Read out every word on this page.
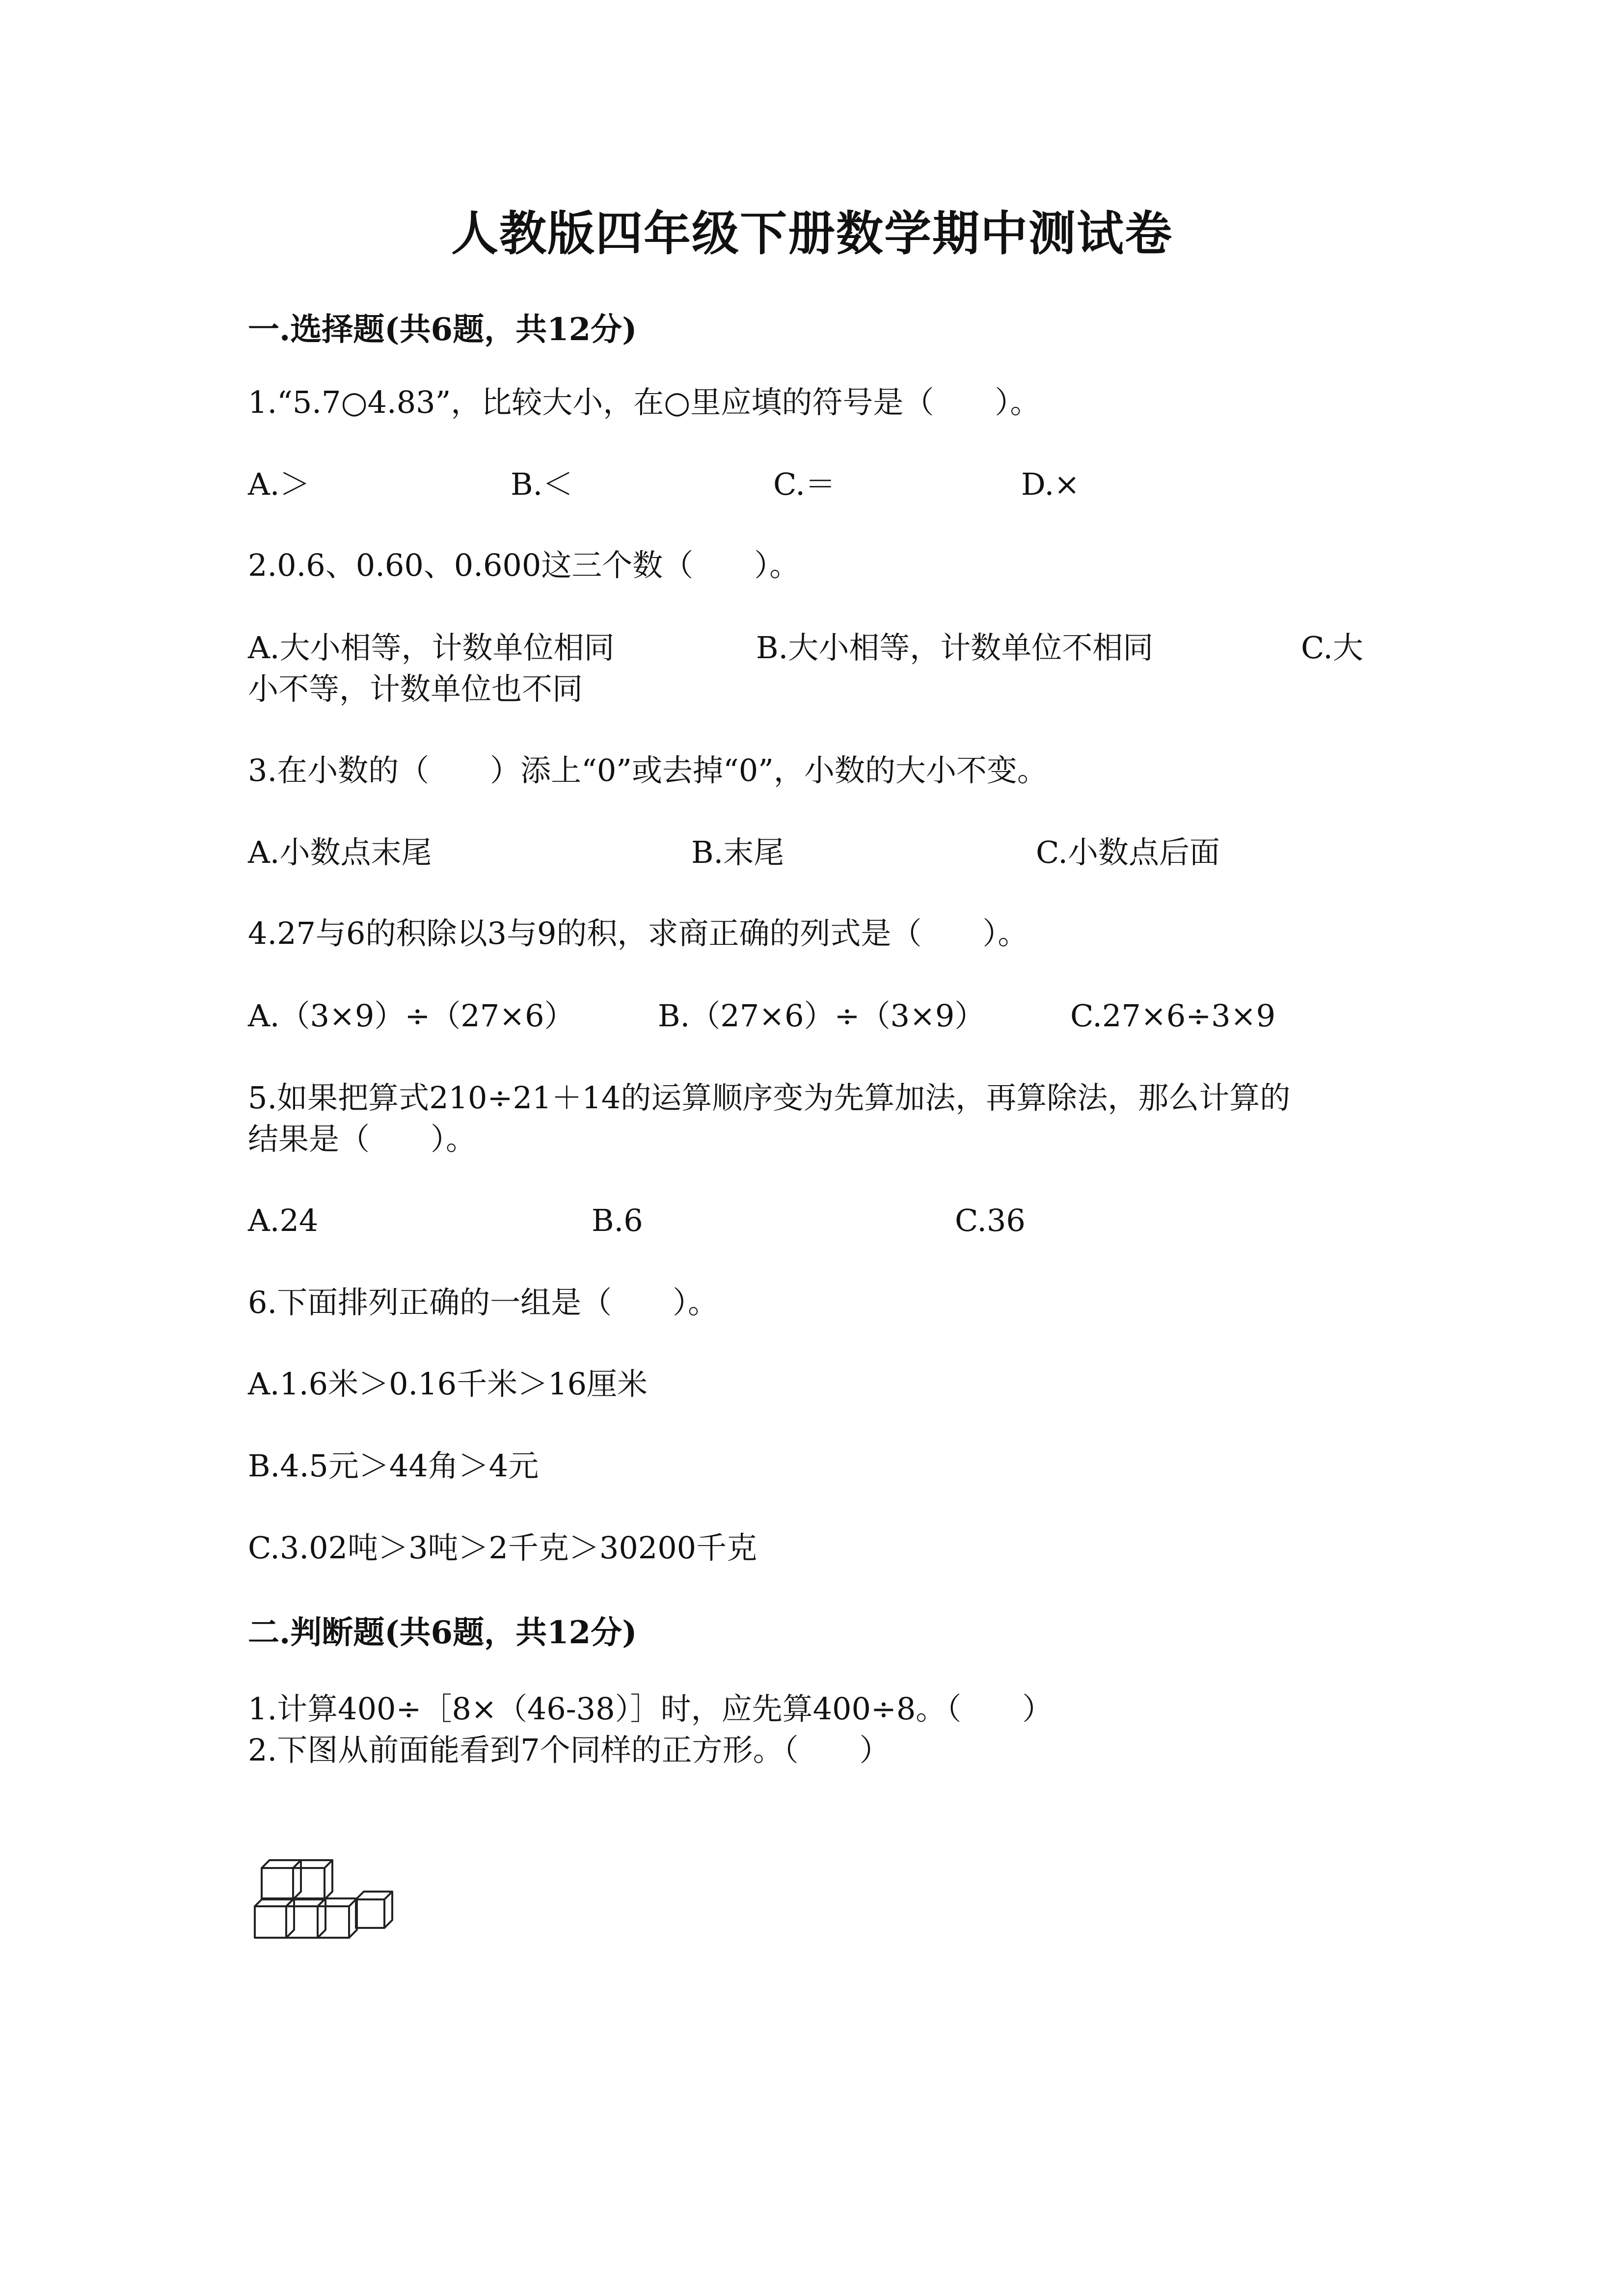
人教版四年级下册数学期中测试卷
一.选择题(共6题，共12分)
1.“5.7○4.83”，比较大小，在○里应填的符号是（　　）。
A.＞	B.＜	C.＝	D.×
2.0.6、0.60、0.600这三个数（　　）。
A.大小相等，计数单位相同	B.大小相等，计数单位不相同	C.大
小不等，计数单位也不同
3.在小数的（　　）添上“0”或去掉“0”，小数的大小不变。
A.小数点末尾	B.末尾	C.小数点后面
4.27与6的积除以3与9的积，求商正确的列式是（　　）。
A.（3×9）÷（27×6）	B.（27×6）÷（3×9）	C.27×6÷3×9
5.如果把算式210÷21＋14的运算顺序变为先算加法，再算除法，那么计算的
结果是（　　）。
A.24	B.6	C.36
6.下面排列正确的一组是（　　）。
A.1.6米＞0.16千米＞16厘米
B.4.5元＞44角＞4元
C.3.02吨＞3吨＞2千克＞30200千克
二.判断题(共6题，共12分)
1.计算400÷［8×（46-38）］时，应先算400÷8。（　　）
2.下图从前面能看到7个同样的正方形。（　　）
